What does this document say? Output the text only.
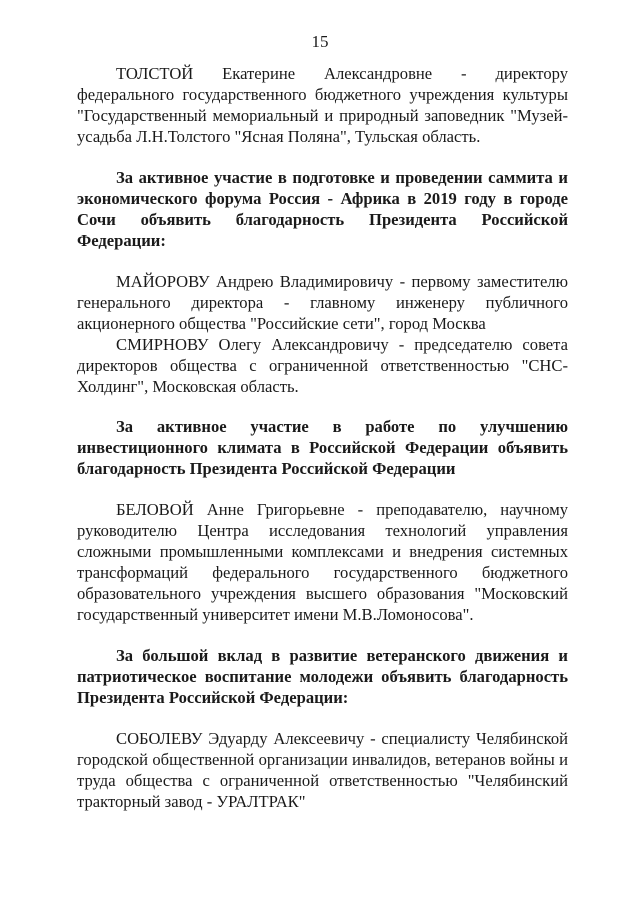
15

ТОЛСТОЙ Екатерине Александровне - директору федерального государственного бюджетного учреждения культуры "Государственный мемориальный и природный заповедник "Музей-усадьба Л.Н.Толстого "Ясная Поляна", Тульская область.

За активное участие в подготовке и проведении саммита и экономического форума Россия - Африка в 2019 году в городе Сочи объявить благодарность Президента Российской Федерации:

МАЙОРОВУ Андрею Владимировичу - первому заместителю генерального директора - главному инженеру публичного акционерного общества "Российские сети", город Москва

СМИРНОВУ Олегу Александровичу - председателю совета директоров общества с ограниченной ответственностью "СНС-Холдинг", Московская область.

За активное участие в работе по улучшению инвестиционного климата в Российской Федерации объявить благодарность Президента Российской Федерации

БЕЛОВОЙ Анне Григорьевне - преподавателю, научному руководителю Центра исследования технологий управления сложными промышленными комплексами и внедрения системных трансформаций федерального государственного бюджетного образовательного учреждения высшего образования "Московский государственный университет имени М.В.Ломоносова".

За большой вклад в развитие ветеранского движения и патриотическое воспитание молодежи объявить благодарность Президента Российской Федерации:

СОБОЛЕВУ Эдуарду Алексеевичу - специалисту Челябинской городской общественной организации инвалидов, ветеранов войны и труда общества с ограниченной ответственностью "Челябинский тракторный завод - УРАЛТРАК"
